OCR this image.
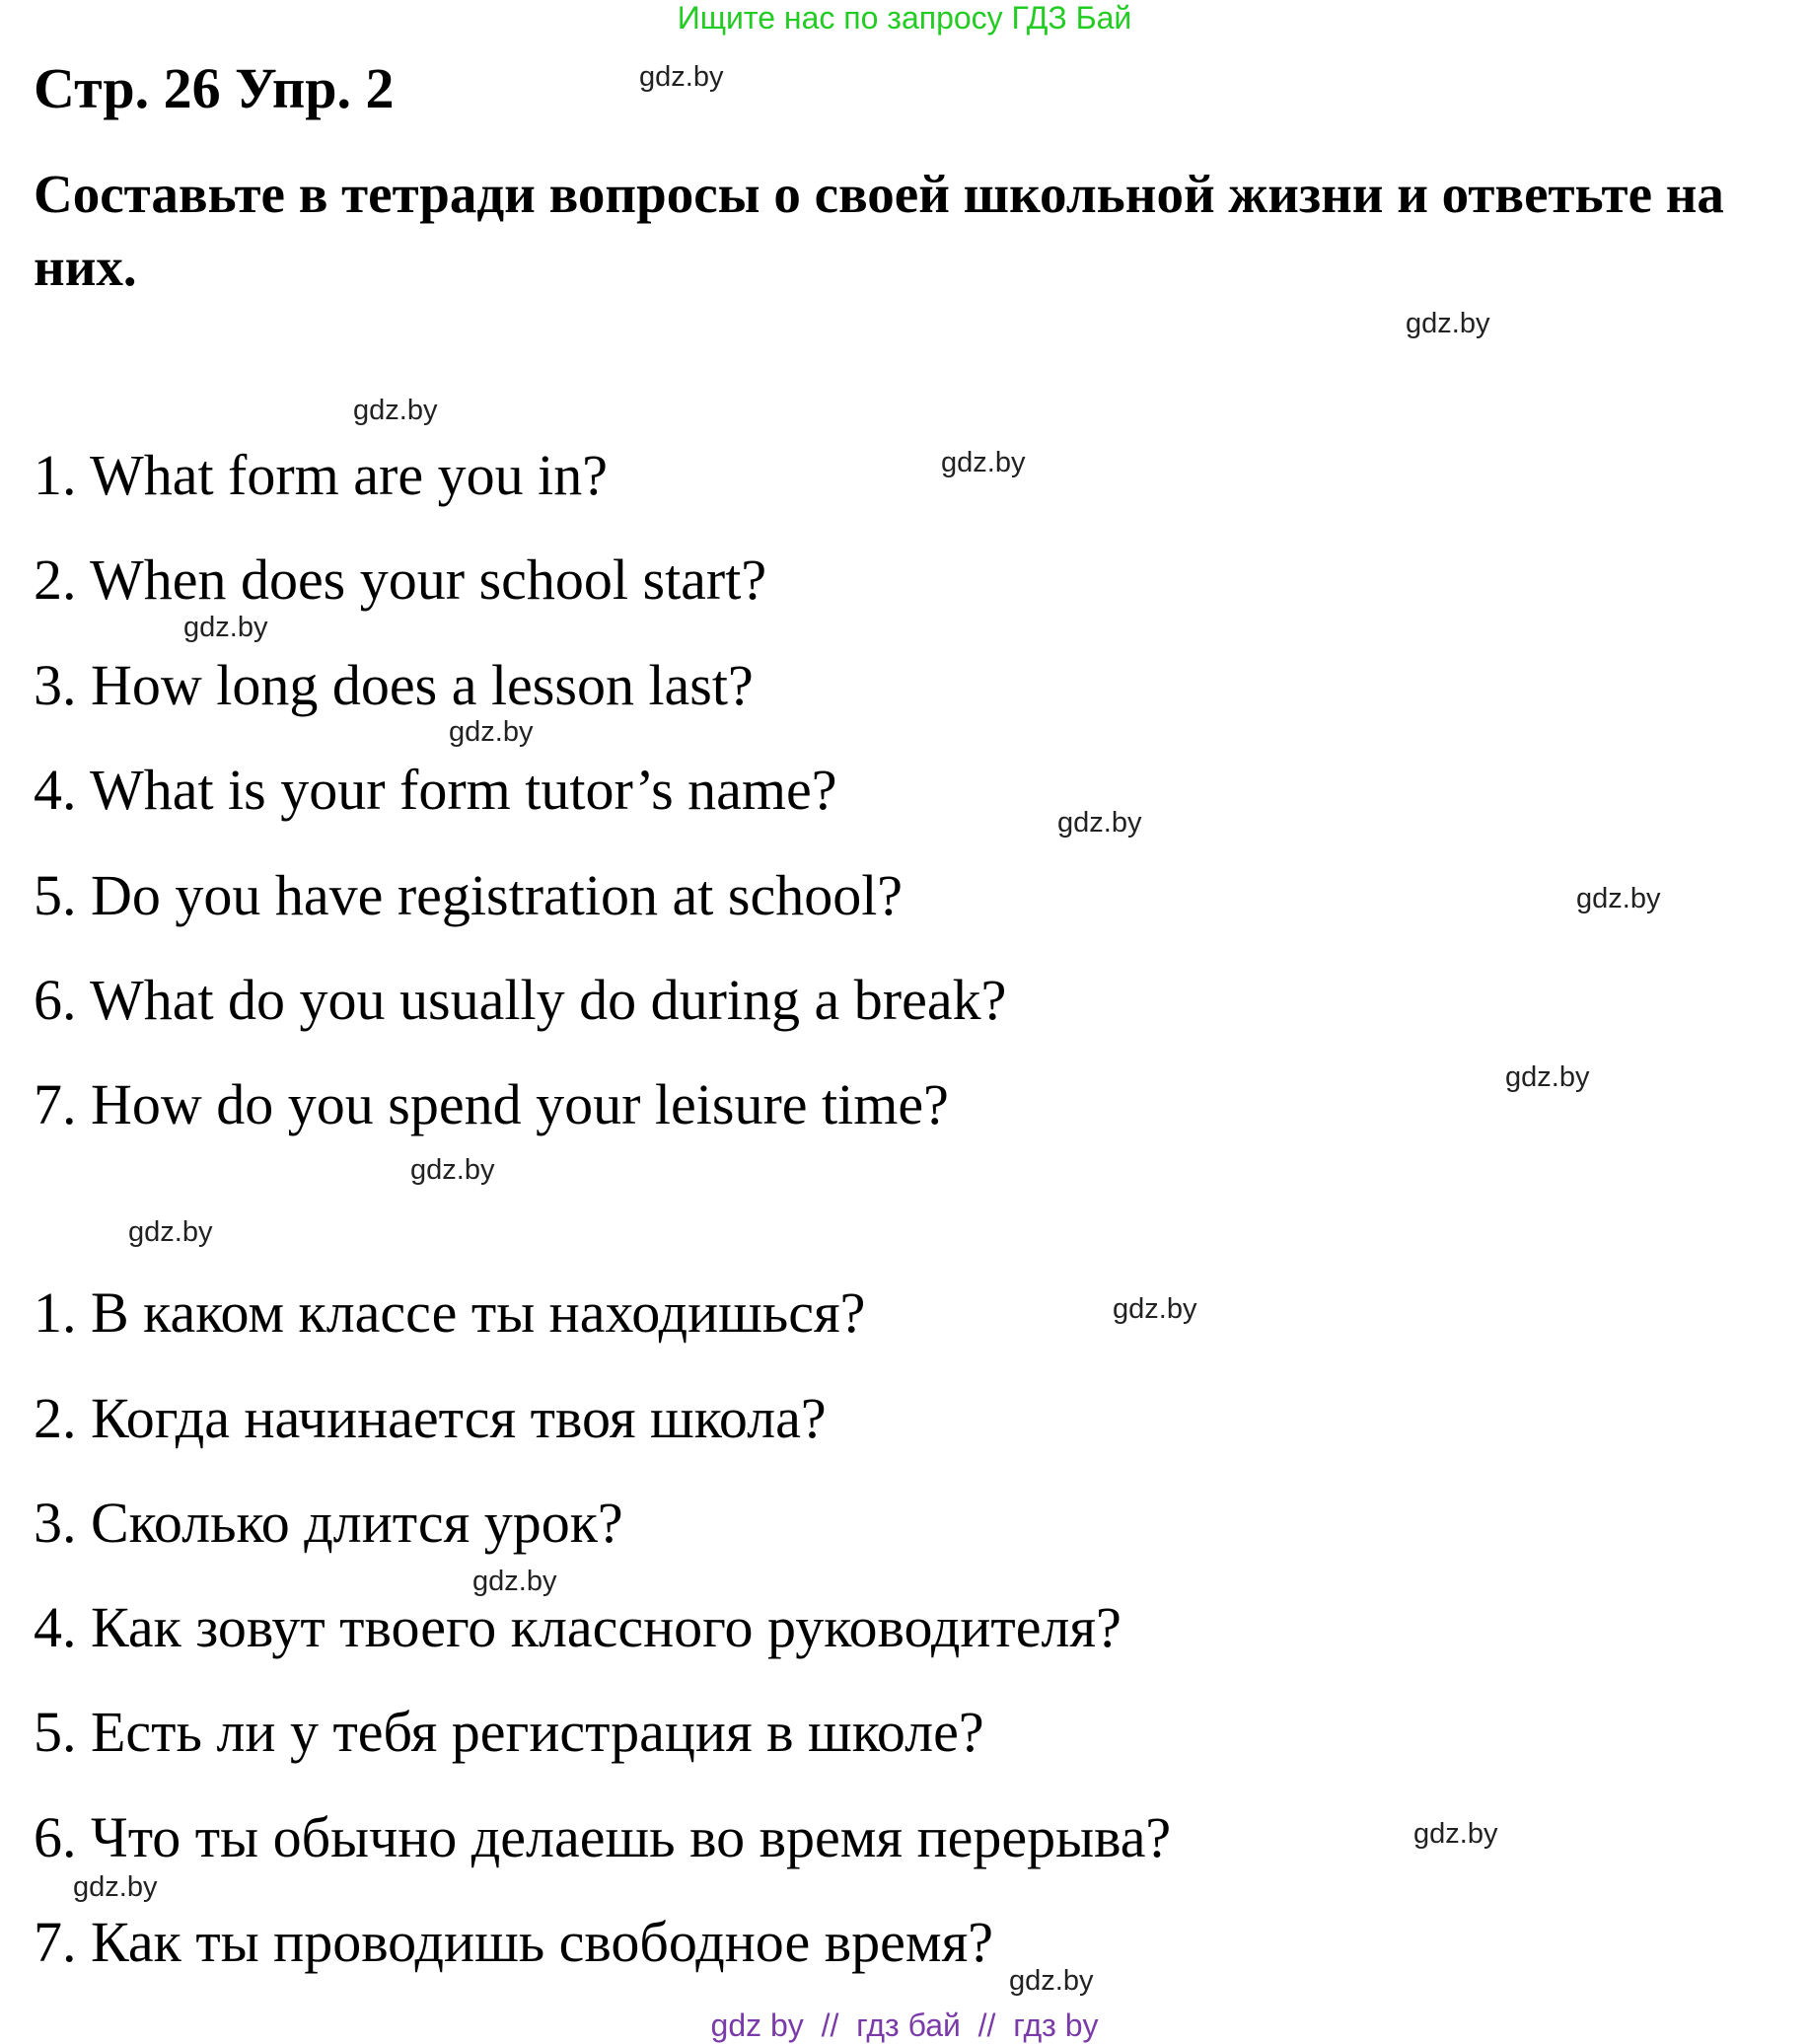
Ищите нас по запросу ГДЗ Бай
Стр. 26 Упр. 2
Составьте в тетради вопросы о своей школьной жизни и ответьте на них.
1. What form are you in?
2. When does your school start?
3. How long does a lesson last?
4. What is your form tutor’s name?
5. Do you have registration at school?
6. What do you usually do during a break?
7. How do you spend your leisure time?
1. В каком классе ты находишься?
2. Когда начинается твоя школа?
3. Сколько длится урок?
4. Как зовут твоего классного руководителя?
5. Есть ли у тебя регистрация в школе?
6. Что ты обычно делаешь во время перерыва?
7. Как ты проводишь свободное время?
gdz.by
gdz.by
gdz.by
gdz.by
gdz.by
gdz.by
gdz.by
gdz.by
gdz.by
gdz.by
gdz.by
gdz.by
gdz.by
gdz.by
gdz.by
gdz.by
gdz by  //  гдз бай  //  гдз by
